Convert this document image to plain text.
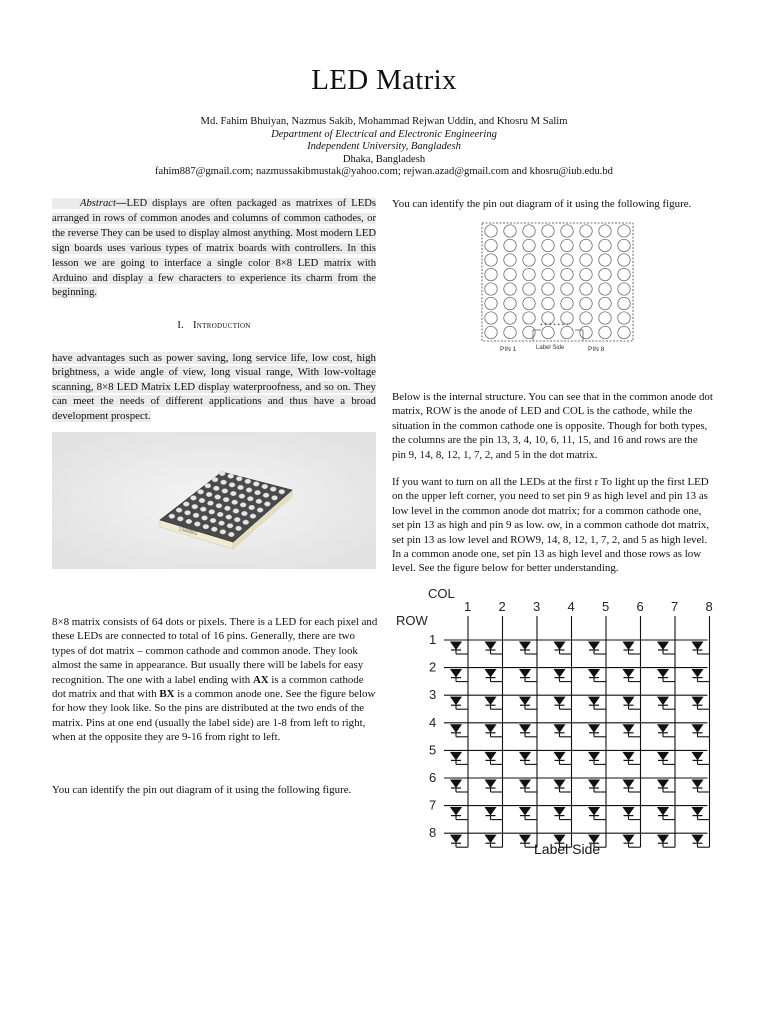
LED Matrix
Md. Fahim Bhuiyan, Nazmus Sakib, Mohammad Rejwan Uddin, and Khosru M Salim
Department of Electrical and Electronic Engineering
Independent University, Bangladesh
Dhaka, Bangladesh
fahim887@gmail.com; nazmussakibmustak@yahoo.com; rejwan.azad@gmail.com and khosru@iub.edu.bd
Abstract—LED displays are often packaged as matrixes of LEDs arranged in rows of common anodes and columns of common cathodes, or the reverse They can be used to display almost anything. Most modern LED sign boards uses various types of matrix boards with controllers. In this lesson we are going to interface a single color 8×8 LED matrix with Arduino and display a few characters to experience its charm from the beginning.
I. Introduction
have advantages such as power saving, long service life, low cost, high brightness, a wide angle of view, long visual range, With low-voltage scanning, 8×8 LED Matrix LED display waterproofness, and so on. They can meet the needs of different applications and thus have a broad development prospect.
1588BS
8×8 matrix consists of 64 dots or pixels. There is a LED for each pixel and these LEDs are connected to total of 16 pins. Generally, there are two types of dot matrix – common cathode and common anode. They look almost the same in appearance. But usually there will be labels for easy recognition. The one with a label ending with AX is a common cathode dot matrix and that with BX is a common anode one. See the figure below for how they look like. So the pins are distributed at the two ends of the matrix. Pins at one end (usually the label side) are 1-8 from left to right, when at the opposite they are 9-16 from right to left.
You can identify the pin out diagram of it using the following figure.
You can identify the pin out diagram of it using the following figure.
+ + + + + + +
PIN 1	Label Side	PIN 8
Below is the internal structure. You can see that in the common anode dot matrix, ROW is the anode of LED and COL is the cathode, while the situation in the common cathode one is opposite. Though for both types, the columns are the pin 13, 3, 4, 10, 6, 11, 15, and 16 and rows are the pin 9, 14, 8, 12, 1, 7, 2, and 5 in the dot matrix.
If you want to turn on all the LEDs at the first r To light up the first LED on the upper left corner, you need to set pin 9 as high level and pin 13 as low level in the common anode dot matrix; for a common cathode one, set pin 13 as high and pin 9 as low. ow, in a common cathode dot matrix, set pin 13 as low level and ROW9, 14, 8, 12, 1, 7, 2, and 5 as high level. In a common anode one, set pin 13 as high level and those rows as low level. See the figure below for better understanding.
COL
ROW
1 2 3 4 5 6 7 8
1
2
3
4
5
6
7
8
Label Side
